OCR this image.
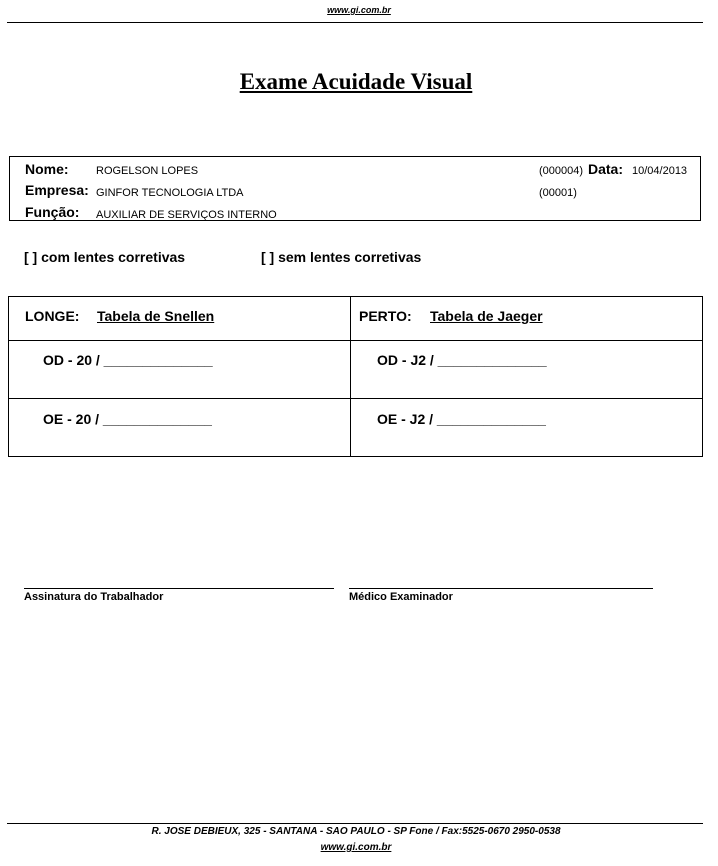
www.gi.com.br
Exame Acuidade Visual
Nome: ROGELSON LOPES	(000004) Data: 10/04/2013
Empresa: GINFOR TECNOLOGIA LTDA	(00001)
Função: AUXILIAR DE SERVIÇOS INTERNO
[ ] com lentes corretivas	[ ] sem lentes corretivas
LONGE: Tabela de Snellen	PERTO: Tabela de Jaeger
OD - 20 / ______________	OD - J2 / ______________
OE - 20 / ______________	OE - J2 / ______________
Assinatura do Trabalhador	Médico Examinador
R. JOSE DEBIEUX, 325 - SANTANA - SAO PAULO - SP Fone / Fax:5525-0670 2950-0538
www.gi.com.br
